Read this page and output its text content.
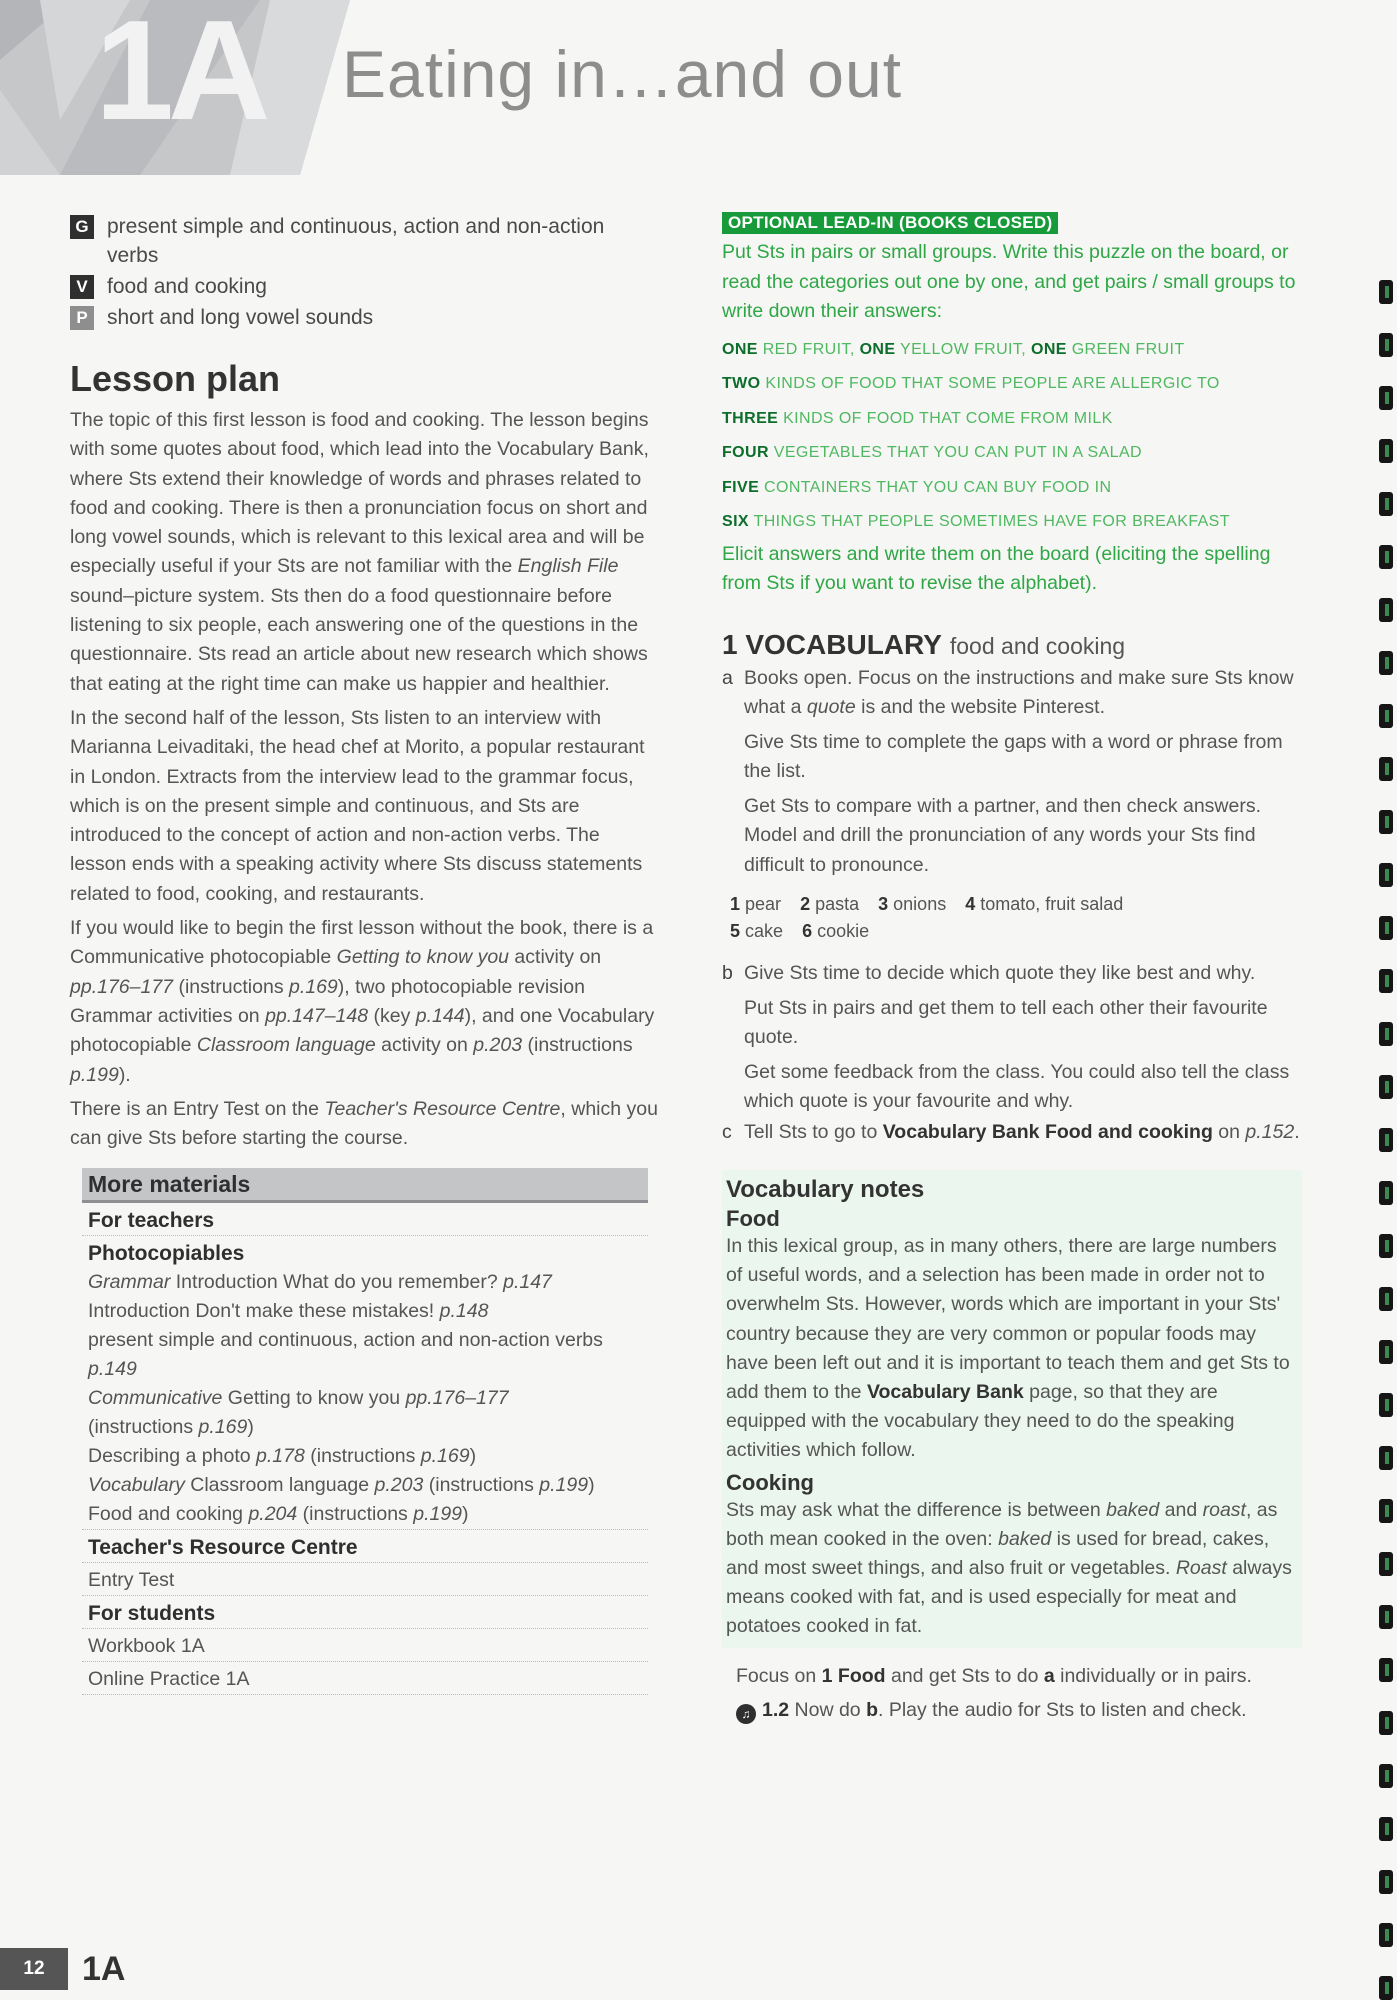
1A Eating in…and out
G present simple and continuous, action and non-action verbs
V food and cooking
P short and long vowel sounds
Lesson plan

The topic of this first lesson is food and cooking. The lesson begins with some quotes about food, which lead into the Vocabulary Bank, where Sts extend their knowledge of words and phrases related to food and cooking. There is then a pronunciation focus on short and long vowel sounds, which is relevant to this lexical area and will be especially useful if your Sts are not familiar with the English File sound–picture system. Sts then do a food questionnaire before listening to six people, each answering one of the questions in the questionnaire. Sts read an article about new research which shows that eating at the right time can make us happier and healthier.

In the second half of the lesson, Sts listen to an interview with Marianna Leivaditaki, the head chef at Morito, a popular restaurant in London. Extracts from the interview lead to the grammar focus, which is on the present simple and continuous, and Sts are introduced to the concept of action and non-action verbs. The lesson ends with a speaking activity where Sts discuss statements related to food, cooking, and restaurants.

If you would like to begin the first lesson without the book, there is a Communicative photocopiable Getting to know you activity on pp.176–177 (instructions p.169), two photocopiable revision Grammar activities on pp.147–148 (key p.144), and one Vocabulary photocopiable Classroom language activity on p.203 (instructions p.199).

There is an Entry Test on the Teacher's Resource Centre, which you can give Sts before starting the course.

More materials
For teachers
Photocopiables
Grammar Introduction What do you remember? p.147
Introduction Don't make these mistakes! p.148
present simple and continuous, action and non-action verbs p.149
Communicative Getting to know you pp.176–177
(instructions p.169)
Describing a photo p.178 (instructions p.169)
Vocabulary Classroom language p.203 (instructions p.199)
Food and cooking p.204 (instructions p.199)
Teacher's Resource Centre
Entry Test
For students
Workbook 1A
Online Practice 1A
OPTIONAL LEAD-IN (BOOKS CLOSED)

Put Sts in pairs or small groups. Write this puzzle on the board, or read the categories out one by one, and get pairs / small groups to write down their answers:

ONE RED FRUIT, ONE YELLOW FRUIT, ONE GREEN FRUIT
TWO KINDS OF FOOD THAT SOME PEOPLE ARE ALLERGIC TO
THREE KINDS OF FOOD THAT COME FROM MILK
FOUR VEGETABLES THAT YOU CAN PUT IN A SALAD
FIVE CONTAINERS THAT YOU CAN BUY FOOD IN
SIX THINGS THAT PEOPLE SOMETIMES HAVE FOR BREAKFAST

Elicit answers and write them on the board (eliciting the spelling from Sts if you want to revise the alphabet).

1 VOCABULARY food and cooking
a Books open. Focus on the instructions and make sure Sts know what a quote is and the website Pinterest.

Give Sts time to complete the gaps with a word or phrase from the list.

Get Sts to compare with a partner, and then check answers. Model and drill the pronunciation of any words your Sts find difficult to pronounce.

1 pear 2 pasta 3 onions 4 tomato, fruit salad
5 cake 6 cookie
b Give Sts time to decide which quote they like best and why.

Put Sts in pairs and get them to tell each other their favourite quote.

Get some feedback from the class. You could also tell the class which quote is your favourite and why.

c Tell Sts to go to Vocabulary Bank Food and cooking on p.152.

Vocabulary notes
Food

In this lexical group, as in many others, there are large numbers of useful words, and a selection has been made in order not to overwhelm Sts. However, words which are important in your Sts' country because they are very common or popular foods may have been left out and it is important to teach them and get Sts to add them to the Vocabulary Bank page, so that they are equipped with the vocabulary they need to do the speaking activities which follow.

Cooking

Sts may ask what the difference is between baked and roast, as both mean cooked in the oven: baked is used for bread, cakes, and most sweet things, and also fruit or vegetables. Roast always means cooked with fat, and is used especially for meat and potatoes cooked in fat.

Focus on 1 Food and get Sts to do a individually or in pairs.

♫ 1.2 Now do b. Play the audio for Sts to listen and check.

12	1A
